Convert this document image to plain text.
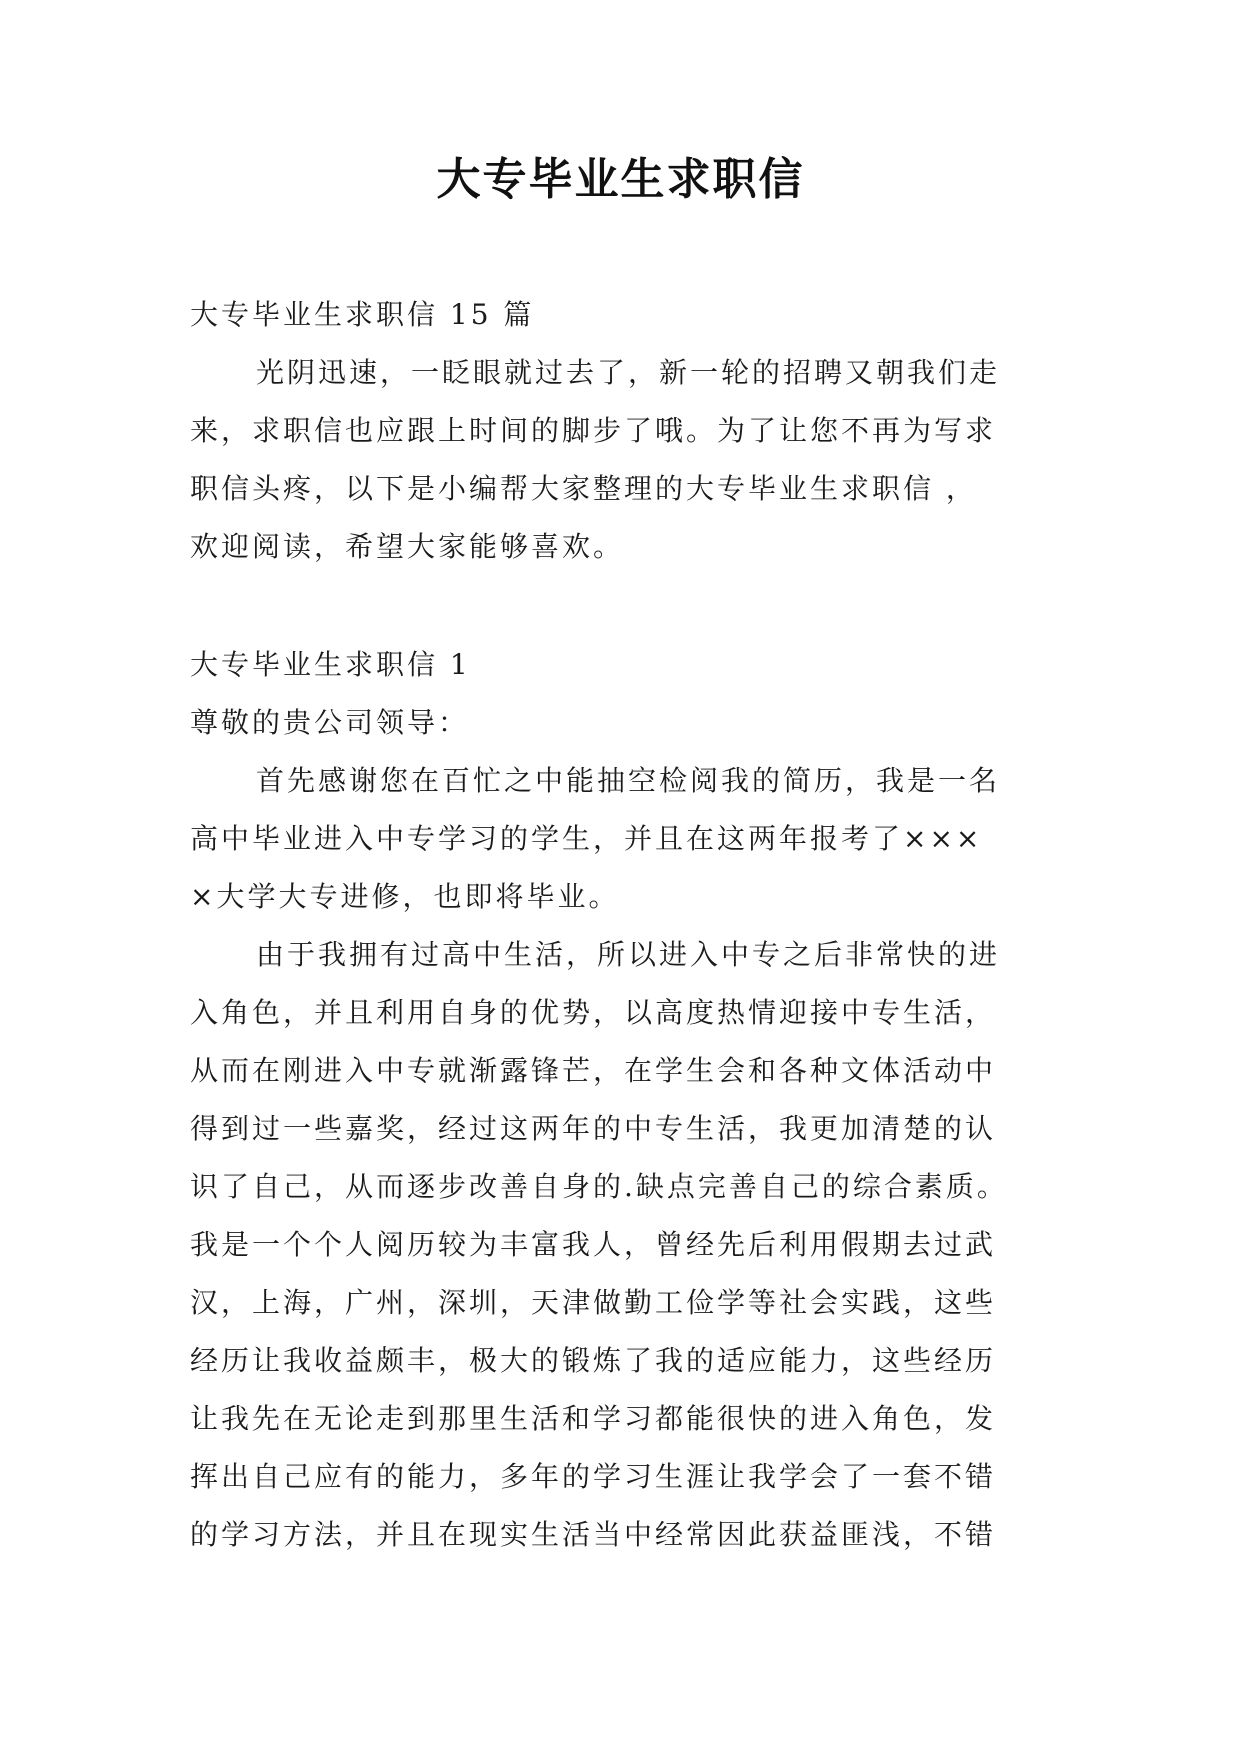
大专毕业生求职信
大专毕业生求职信 15 篇
光阴迅速，一眨眼就过去了，新一轮的招聘又朝我们走
来，求职信也应跟上时间的脚步了哦。为了让您不再为写求
职信头疼，以下是小编帮大家整理的大专毕业生求职信 ，
欢迎阅读，希望大家能够喜欢。
大专毕业生求职信 1
尊敬的贵公司领导：
首先感谢您在百忙之中能抽空检阅我的简历，我是一名
高中毕业进入中专学习的学生，并且在这两年报考了×××
×大学大专进修，也即将毕业。
由于我拥有过高中生活，所以进入中专之后非常快的进
入角色，并且利用自身的优势，以高度热情迎接中专生活，
从而在刚进入中专就渐露锋芒，在学生会和各种文体活动中
得到过一些嘉奖，经过这两年的中专生活，我更加清楚的认
识了自己，从而逐步改善自身的.缺点完善自己的综合素质。
我是一个个人阅历较为丰富我人，曾经先后利用假期去过武
汉，上海，广州，深圳，天津做勤工俭学等社会实践，这些
经历让我收益颇丰，极大的锻炼了我的适应能力，这些经历
让我先在无论走到那里生活和学习都能很快的进入角色，发
挥出自己应有的能力，多年的学习生涯让我学会了一套不错
的学习方法，并且在现实生活当中经常因此获益匪浅，不错
